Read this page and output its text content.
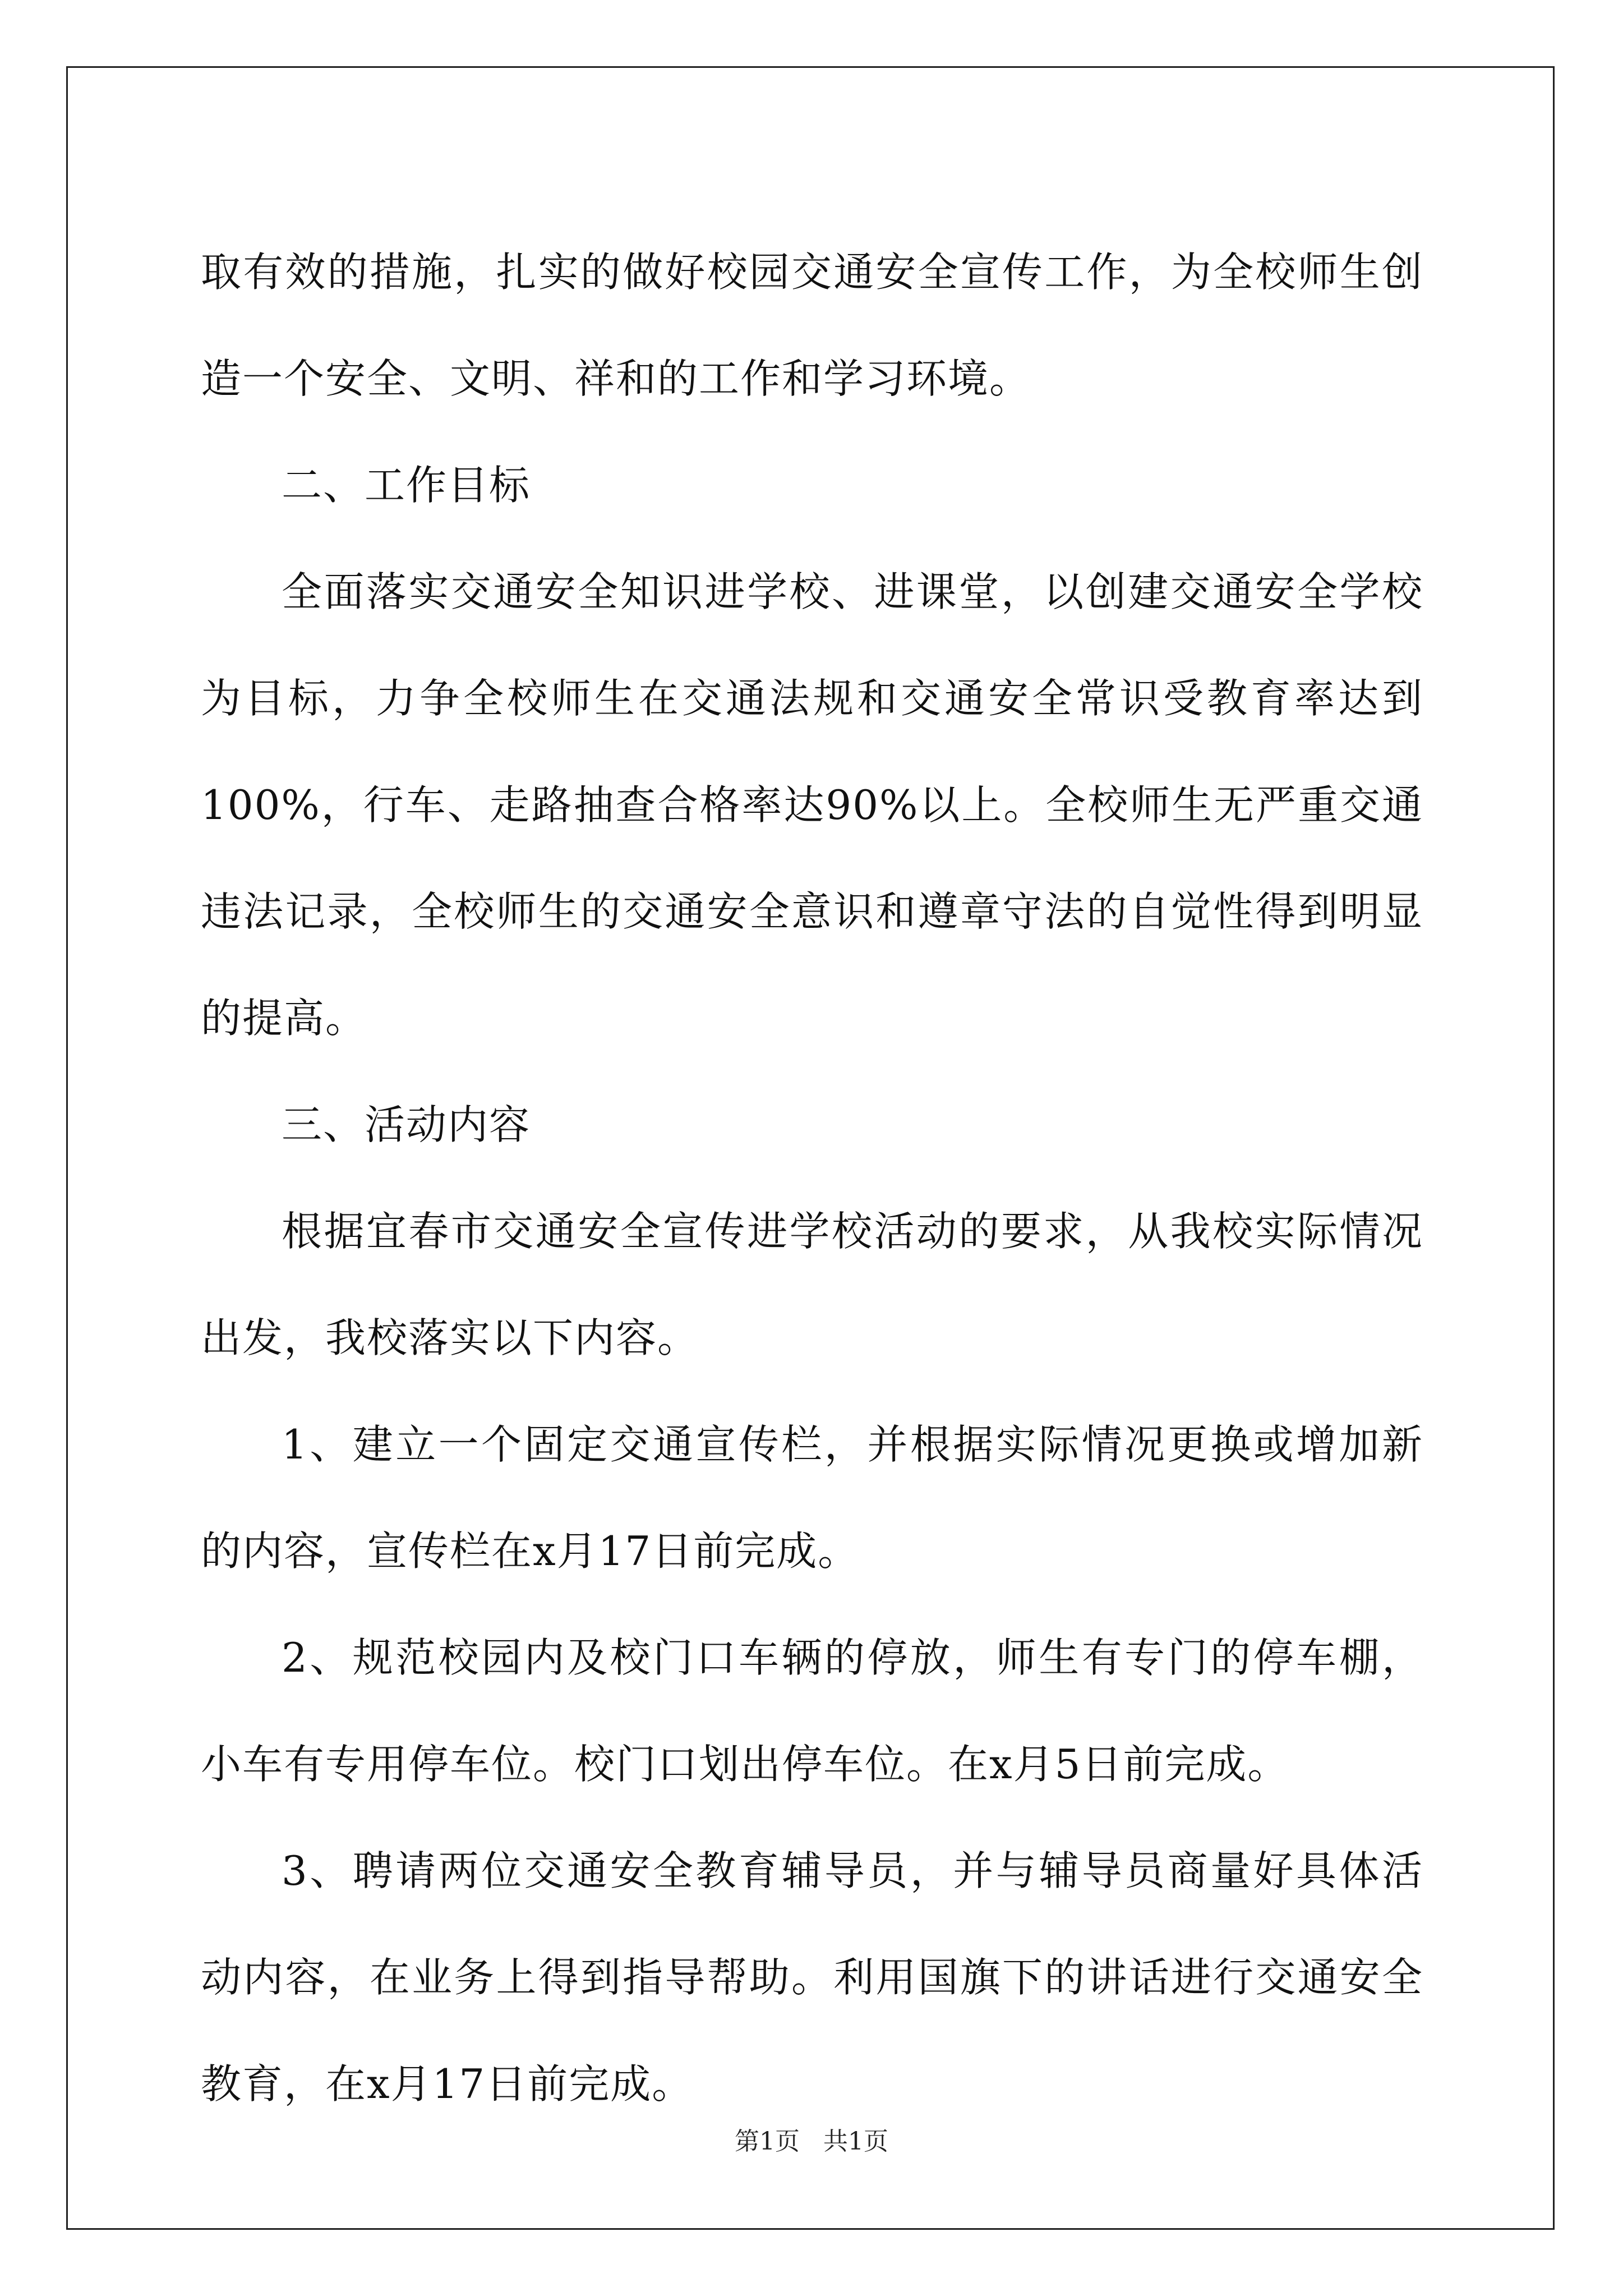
取有效的措施，扎实的做好校园交通安全宣传工作，为全校师生创造一个安全、文明、祥和的工作和学习环境。

二、工作目标

全面落实交通安全知识进学校、进课堂，以创建交通安全学校为目标，力争全校师生在交通法规和交通安全常识受教育率达到100%，行车、走路抽查合格率达90%以上。全校师生无严重交通违法记录，全校师生的交通安全意识和遵章守法的自觉性得到明显的提高。

三、活动内容

根据宜春市交通安全宣传进学校活动的要求，从我校实际情况出发，我校落实以下内容。

1、建立一个固定交通宣传栏，并根据实际情况更换或增加新的内容，宣传栏在x月17日前完成。

2、规范校园内及校门口车辆的停放，师生有专门的停车棚，小车有专用停车位。校门口划出停车位。在x月5日前完成。

3、聘请两位交通安全教育辅导员，并与辅导员商量好具体活动内容，在业务上得到指导帮助。利用国旗下的讲话进行交通安全教育，在x月17日前完成。

第1页   共1页
